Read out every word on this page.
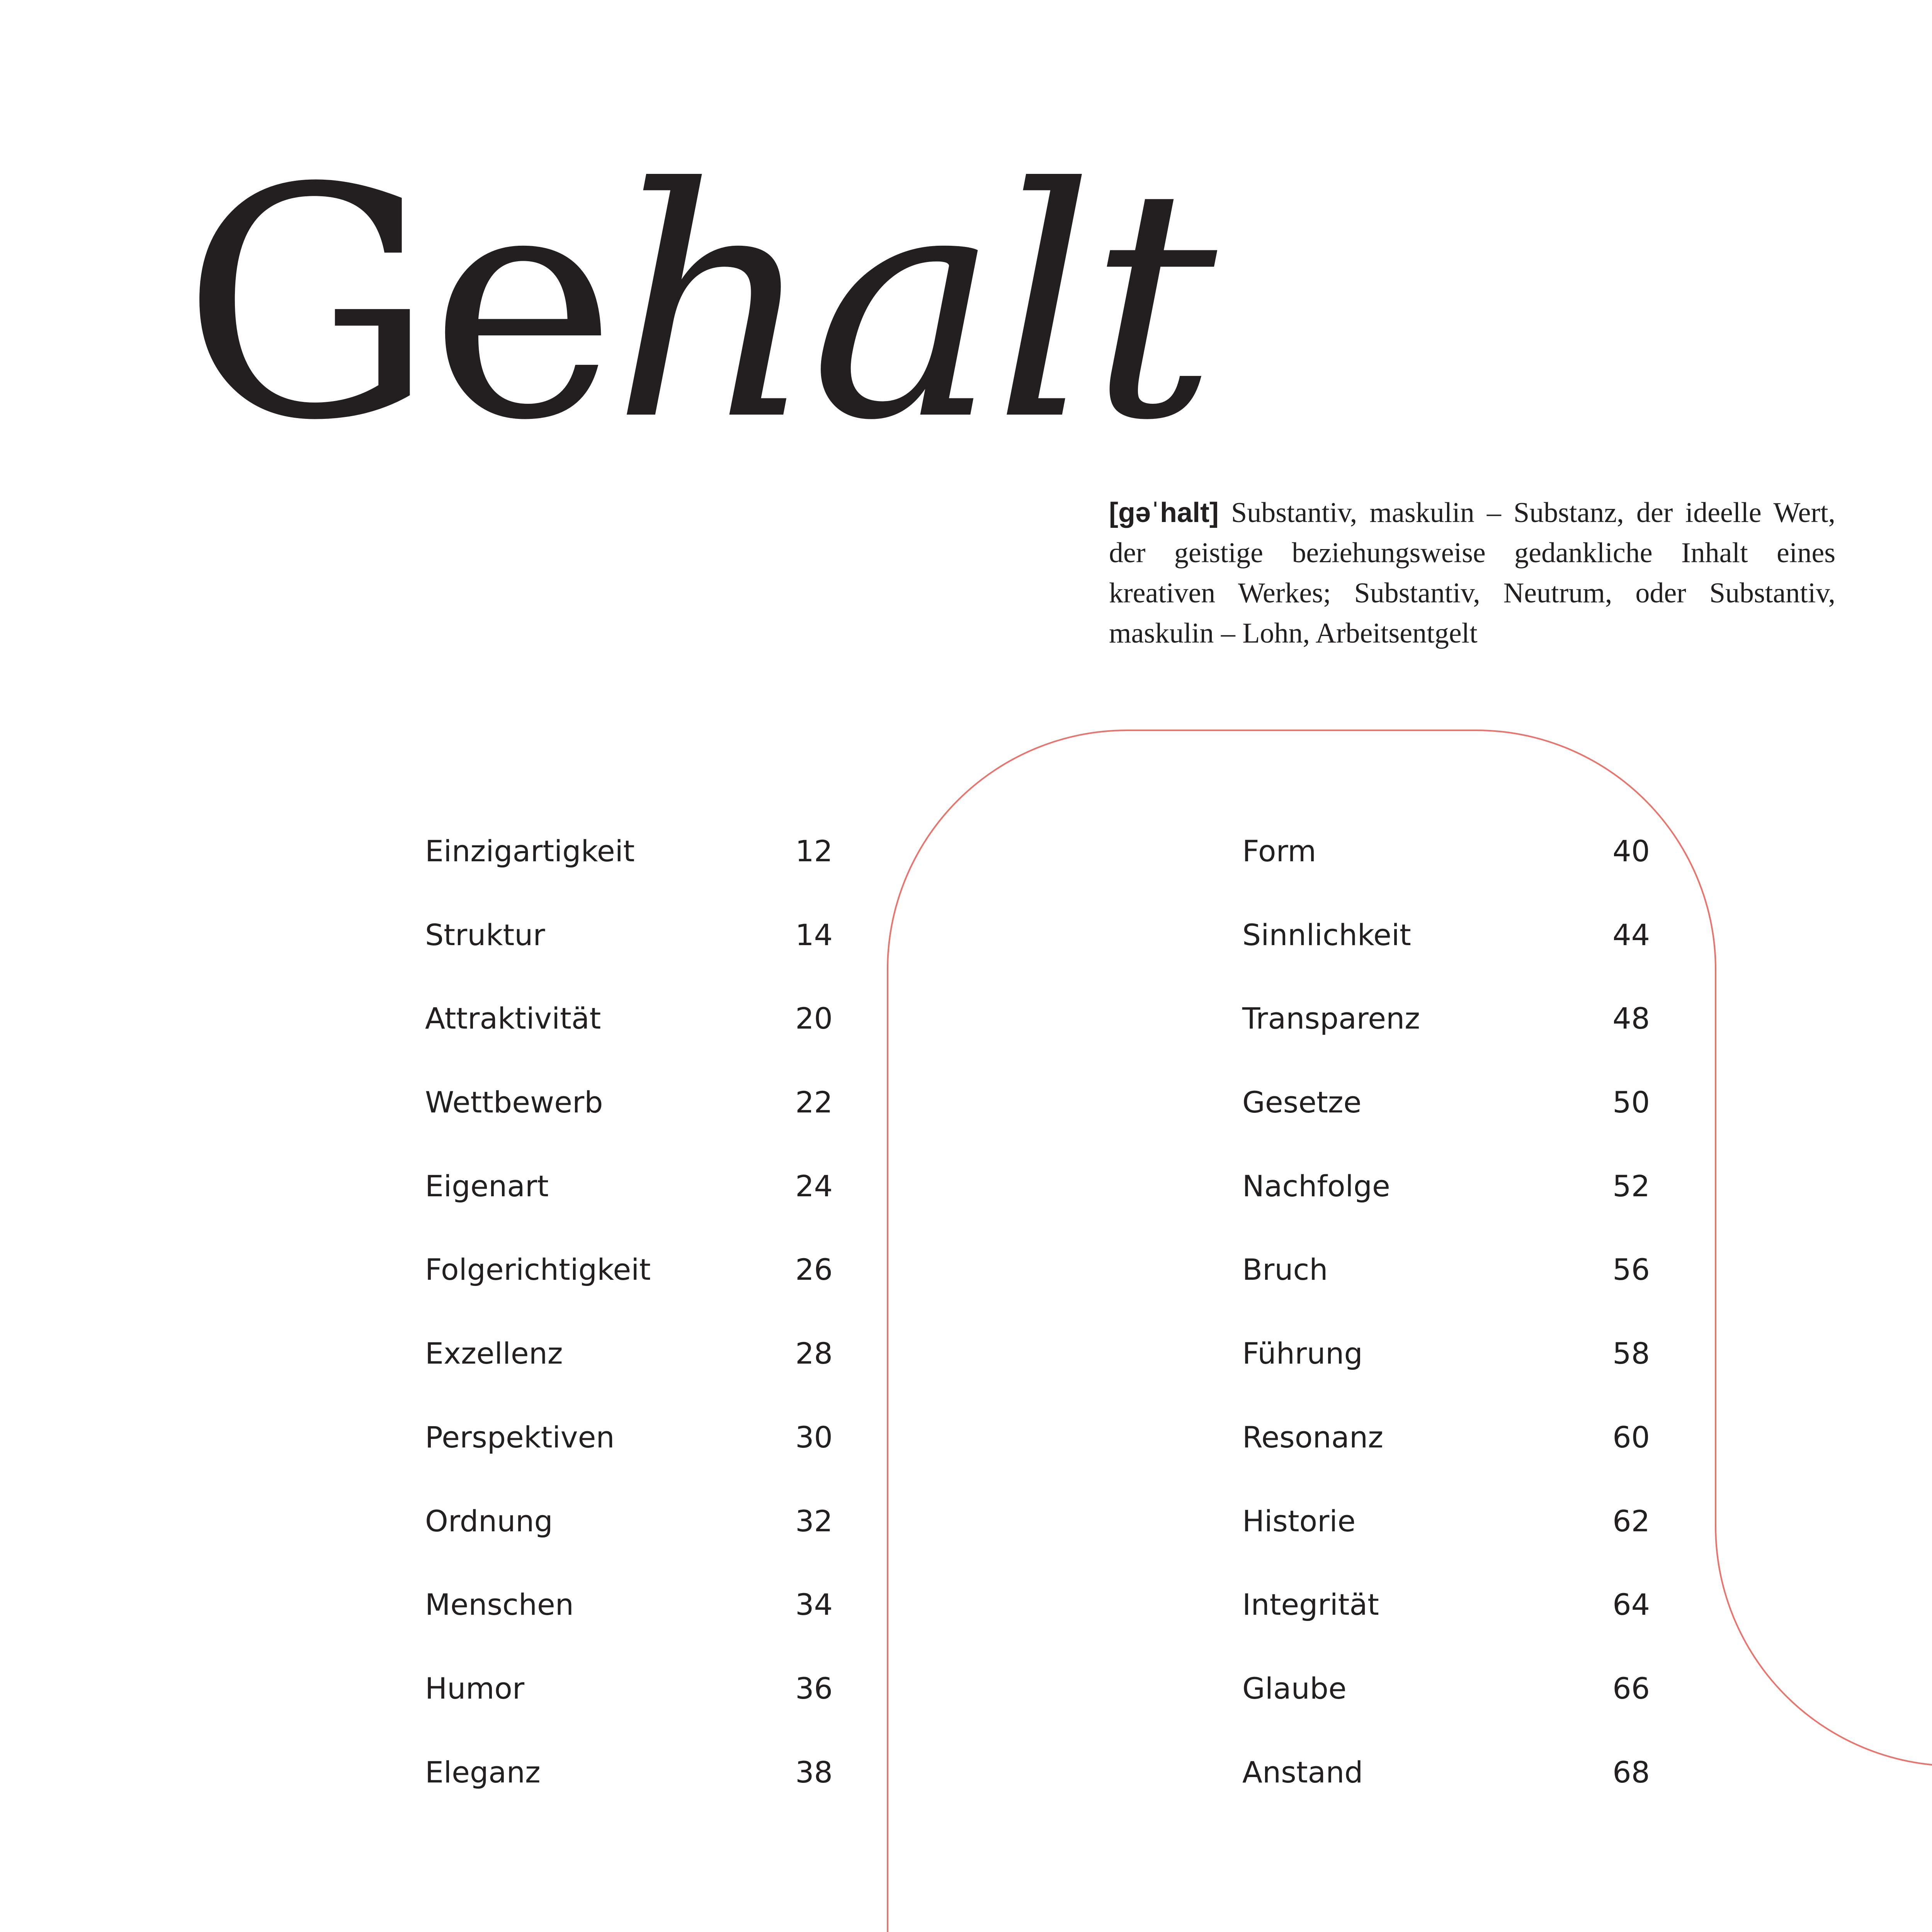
Gehalt

[gəˈhalt] Substantiv, maskulin – Substanz, der ideelle Wert, der geistige beziehungsweise gedankliche Inhalt eines kreativen Werkes; Substantiv, Neutrum, oder Substantiv, maskulin – Lohn, Arbeitsentgelt

Einzigartigkeit	12
Struktur	14
Attraktivität	20
Wettbewerb	22
Eigenart	24
Folgerichtigkeit	26
Exzellenz	28
Perspektiven	30
Ordnung	32
Menschen	34
Humor	36
Eleganz	38
Form	40
Sinnlichkeit	44
Transparenz	48
Gesetze	50
Nachfolge	52
Bruch	56
Führung	58
Resonanz	60
Historie	62
Integrität	64
Glaube	66
Anstand	68
